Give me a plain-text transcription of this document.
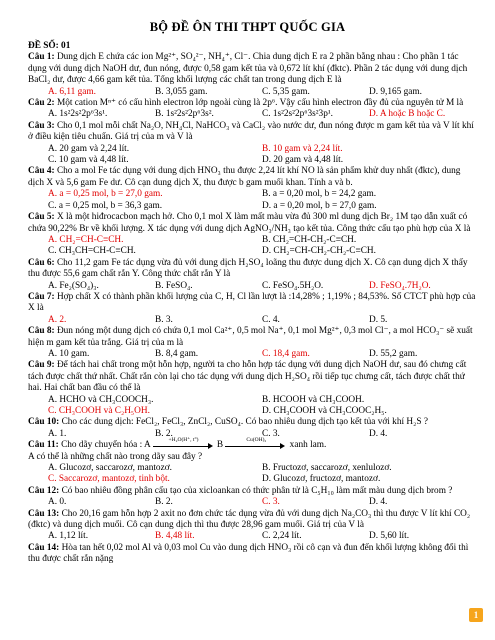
BỘ ĐỀ ÔN THI THPT QUỐC GIA

ĐỀ SỐ: 01

Câu 1: Dung dịch E chứa các ion Mg²⁺, SO₄²⁻, NH₄⁺, Cl⁻. Chia dung dịch E ra 2 phần bằng nhau : Cho phần 1 tác dụng với dung dịch NaOH dư, đun nóng, được 0,58 gam kết tủa và 0,672 lít khí (đktc). Phần 2 tác dụng với dung dịch BaCl₂ dư, được 4,66 gam kết tủa. Tổng khối lượng các chất tan trong dung dịch E là

A. 6,11 gam.	B. 3,055 gam.	C. 5,35 gam.	D. 9,165 gam.

Câu 2: Một cation Mⁿ⁺ có cấu hình electron lớp ngoài cùng là 2p⁶. Vậy cấu hình electron đầy đủ của nguyên tử M là

A. 1s²2s²2p⁶3s¹.	B. 1s²2s²2p⁶3s².	C. 1s²2s²2p⁶3s²3p¹.	D. A hoặc B hoặc C.

Câu 3: Cho 0,1 mol mỗi chất Na₂O, NH₄Cl, NaHCO₃ và CaCl₂ vào nước dư, đun nóng được m gam kết tủa và V lít khí ở điều kiện tiêu chuẩn. Giá trị của m và V là

A. 20 gam và 2,24 lít.	B. 10 gam và 2,24 lít.
C. 10 gam và 4,48 lít.	D. 20 gam và 4,48 lít.

Câu 4: Cho a mol Fe tác dụng với dung dịch HNO₃ thu được 2,24 lít khí NO là sản phẩm khử duy nhất (đktc), dung dịch X và 5,6 gam Fe dư. Cô cạn dung dịch X, thu được b gam muối khan. Tính a và b.

A. a = 0,25 mol, b = 27,0 gam.	B. a = 0,20 mol, b = 24,2 gam.
C. a = 0,25 mol, b = 36,3 gam.	D. a = 0,20 mol, b = 27,0 gam.

Câu 5: X là một hiđrocacbon mạch hở. Cho 0,1 mol X làm mất màu vừa đủ 300 ml dung dịch Br₂ 1M tạo dẫn xuất có chứa 90,22% Br về khối lượng. X tác dụng với dung dịch AgNO₃/NH₃ tạo kết tủa. Công thức cấu tạo phù hợp của X là

A. CH₂=CH-C≡CH.	B. CH₂=CH-CH₂-C≡CH.
C. CH₃CH=CH-C≡CH.	D. CH₂=CH-CH₂-CH₂-C≡CH.

Câu 6: Cho 11,2 gam Fe tác dụng vừa đủ với dung dịch H₂SO₄ loãng thu được dung dịch X. Cô cạn dung dịch X thấy thu được 55,6 gam chất rắn Y. Công thức chất rắn Y là

A. Fe₂(SO₄)₃.	B. FeSO₄.	C. FeSO₄.5H₂O.	D. FeSO₄.7H₂O.

Câu 7: Hợp chất X có thành phần khối lượng của C, H, Cl lần lượt là :14,28% ; 1,19% ; 84,53%. Số CTCT phù hợp của X là

A. 2.	B. 3.	C. 4.	D. 5.

Câu 8: Đun nóng một dung dịch có chứa 0,1 mol Ca²⁺, 0,5 mol Na⁺, 0,1 mol Mg²⁺, 0,3 mol Cl⁻, a mol HCO₃⁻ sẽ xuất hiện m gam kết tủa trắng. Giá trị của m là

A. 10 gam.	B. 8,4 gam.	C. 18,4 gam.	D. 55,2 gam.

Câu 9: Để tách hai chất trong một hỗn hợp, người ta cho hỗn hợp tác dụng với dung dịch NaOH dư, sau đó chưng cất tách được chất thứ nhất. Chất rắn còn lại cho tác dụng với dung dịch H₂SO₄ rồi tiếp tục chưng cất, tách được chất thứ hai. Hai chất ban đầu có thể là

A. HCHO và CH₃COOCH₃.	B. HCOOH và CH₃COOH.
C. CH₃COOH và C₂H₅OH.	D. CH₃COOH và CH₃COOC₂H₅.

Câu 10: Cho các dung dịch: FeCl₂, FeCl₃, ZnCl₂, CuSO₄. Có bao nhiêu dung dịch tạo kết tủa với khí H₂S ?

A. 1.	B. 2.	C. 3.	D. 4.

Câu 11: Cho dãy chuyển hóa : A
+H₂O(H⁺, t°)
B
Cu(OH)₂
xanh lam.

A có thể là những chất nào trong dãy sau đây ?

A. Glucozơ, saccarozơ, mantozơ.	B. Fructozơ, saccarozơ, xenlulozơ.
C. Saccarozơ, mantozơ, tinh bột.	D. Glucozơ, fructozơ, mantozơ.

Câu 12: Có bao nhiêu đồng phân cấu tạo của xicloankan có thức phân tử là C₅H₁₀ làm mất màu dung dịch brom ?

A. 0.	B. 2.	C. 3.	D. 4.

Câu 13: Cho 20,16 gam hỗn hợp 2 axit no đơn chức tác dụng vừa đủ với dung dịch Na₂CO₃ thì thu được V lít khí CO₂ (đktc) và dung dịch muối. Cô cạn dung dịch thì thu được 28,96 gam muối. Giá trị của V là

A. 1,12 lít.	B. 4,48 lít.	C. 2,24 lít.	D. 5,60 lít.

Câu 14: Hòa tan hết 0,02 mol Al và 0,03 mol Cu vào dung dịch HNO₃ rồi cô cạn và đun đến khối lượng không đổi thì thu được chất rắn nặng

1
